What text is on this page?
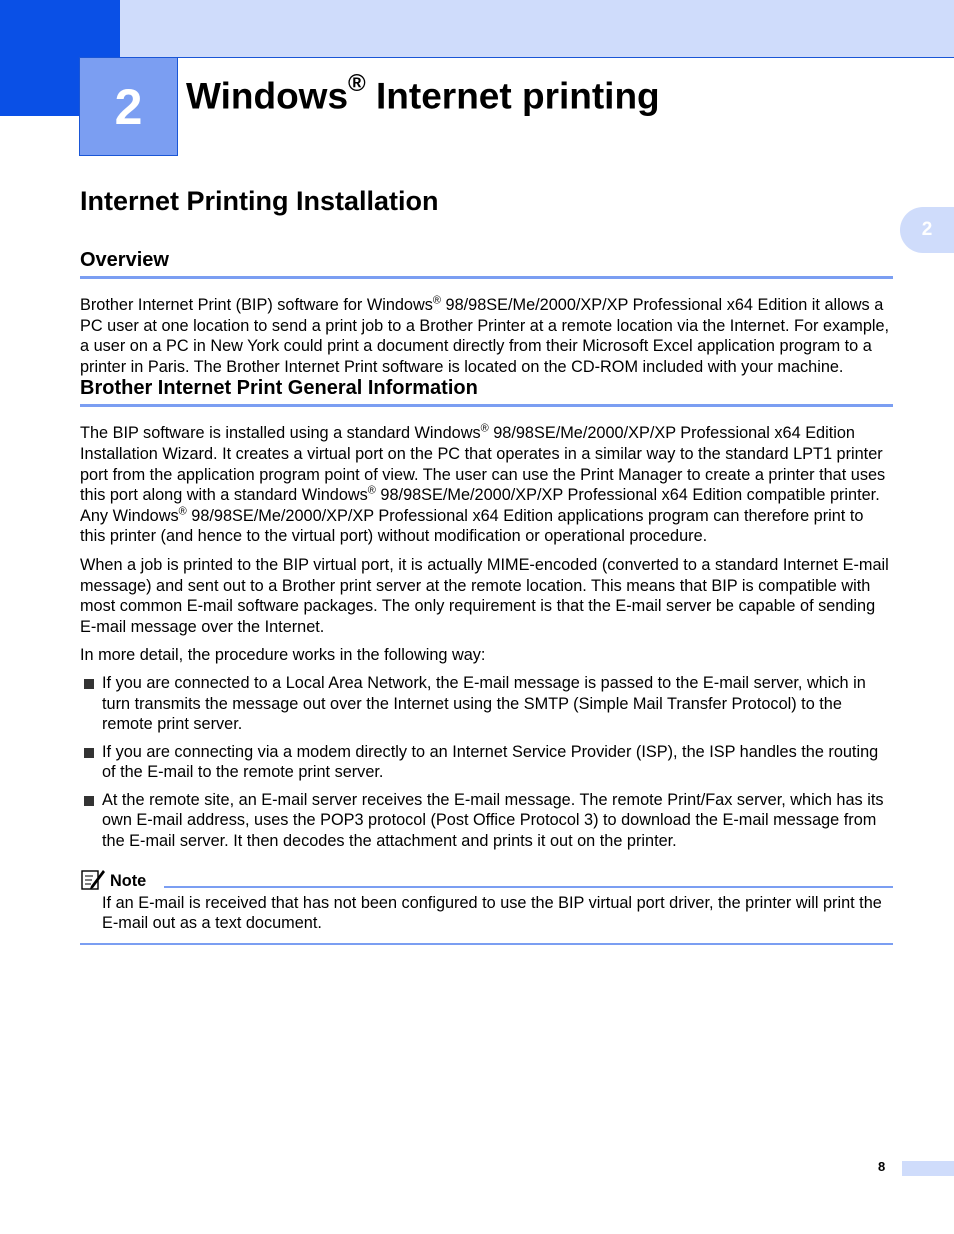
2	Windows® Internet printing
2
Internet Printing Installation
Overview

Brother Internet Print (BIP) software for Windows® 98/98SE/Me/2000/XP/XP Professional x64 Edition it allows a PC user at one location to send a print job to a Brother Printer at a remote location via the Internet. For example, a user on a PC in New York could print a document directly from their Microsoft Excel application program to a printer in Paris. The Brother Internet Print software is located on the CD-ROM included with your machine.

Brother Internet Print General Information

The BIP software is installed using a standard Windows® 98/98SE/Me/2000/XP/XP Professional x64 Edition Installation Wizard. It creates a virtual port on the PC that operates in a similar way to the standard LPT1 printer port from the application program point of view. The user can use the Print Manager to create a printer that uses this port along with a standard Windows® 98/98SE/Me/2000/XP/XP Professional x64 Edition compatible printer. Any Windows® 98/98SE/Me/2000/XP/XP Professional x64 Edition applications program can therefore print to this printer (and hence to the virtual port) without modification or operational procedure.

When a job is printed to the BIP virtual port, it is actually MIME-encoded (converted to a standard Internet E-mail message) and sent out to a Brother print server at the remote location. This means that BIP is compatible with most common E-mail software packages. The only requirement is that the E-mail server be capable of sending E-mail message over the Internet.

In more detail, the procedure works in the following way:

If you are connected to a Local Area Network, the E-mail message is passed to the E-mail server, which in turn transmits the message out over the Internet using the SMTP (Simple Mail Transfer Protocol) to the remote print server.
If you are connecting via a modem directly to an Internet Service Provider (ISP), the ISP handles the routing of the E-mail to the remote print server.
At the remote site, an E-mail server receives the E-mail message. The remote Print/Fax server, which has its own E-mail address, uses the POP3 protocol (Post Office Protocol 3) to download the E-mail message from the E-mail server. It then decodes the attachment and prints it out on the printer.
Note

If an E-mail is received that has not been configured to use the BIP virtual port driver, the printer will print the E-mail out as a text document.

8
